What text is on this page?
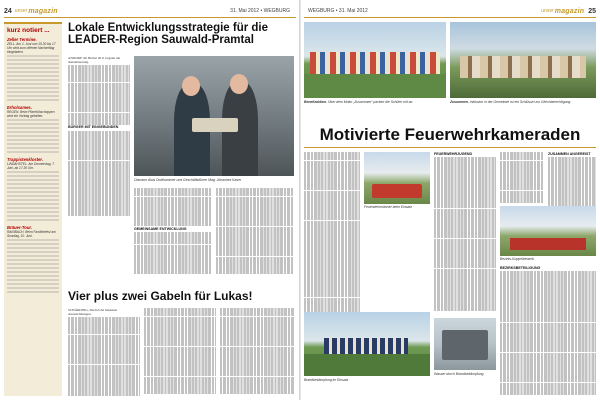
24 unser magazin	31. Mai 2012 • WEGBURG
kurz notiert ...
Zeller Termine.
ZELL. Am 1. Juni von 15.30 bis 17 Uhr wird zum offenen Nachmittag eingeladen.
Erholsames.
REGEN. Beim Pfarrfrühschoppen wird ein Vortrag gehalten.
Trappistenkloster.
LINDAHSTEL. Am Donnerstag, 7. Juni, ab 17.30 Uhr.
Bräuer-Tour.
RAINBACH. Beim Familienfest am Sonntag, 10. Juni.
Lokale Entwicklungsstrategie für die LEADER-Region Sauwald-Pramtal

ANDORF. Im Herbst 2011 begann die Aktualisierung.

BÜRGER MIT EINGEBUNDEN

Obmann Alois Doblhammer und Geschäftsführer Mag. Johannes Kaser

GEMEINSAME ENTWICKLUNG

Vier plus zwei Gabeln für Lukas!

SCHÄRDING. Die Köche bekamen Auszeichnungen.

WEGBURG • 31. Mai 2012	unser magazin 25
Benefizaktion. Über dem Motto „Zusammen“ packen die Schüler mit an.	Zusammen. Inklusion in der Gemeinde ist ein Schlüssel zur Gleichberechtigung.
Motivierte Feuerwehrkameraden
Feuerwehrmänner beim Einsatz

FEUERWEHRJUGEND	ZUSAMMEN ANGEREIST

Bezirks-Kuppelbewerb
Brandbekämpfung im Einsatz
Wasser durch Brandbekämpfung

BEZIRKSBETEILIGUNG
